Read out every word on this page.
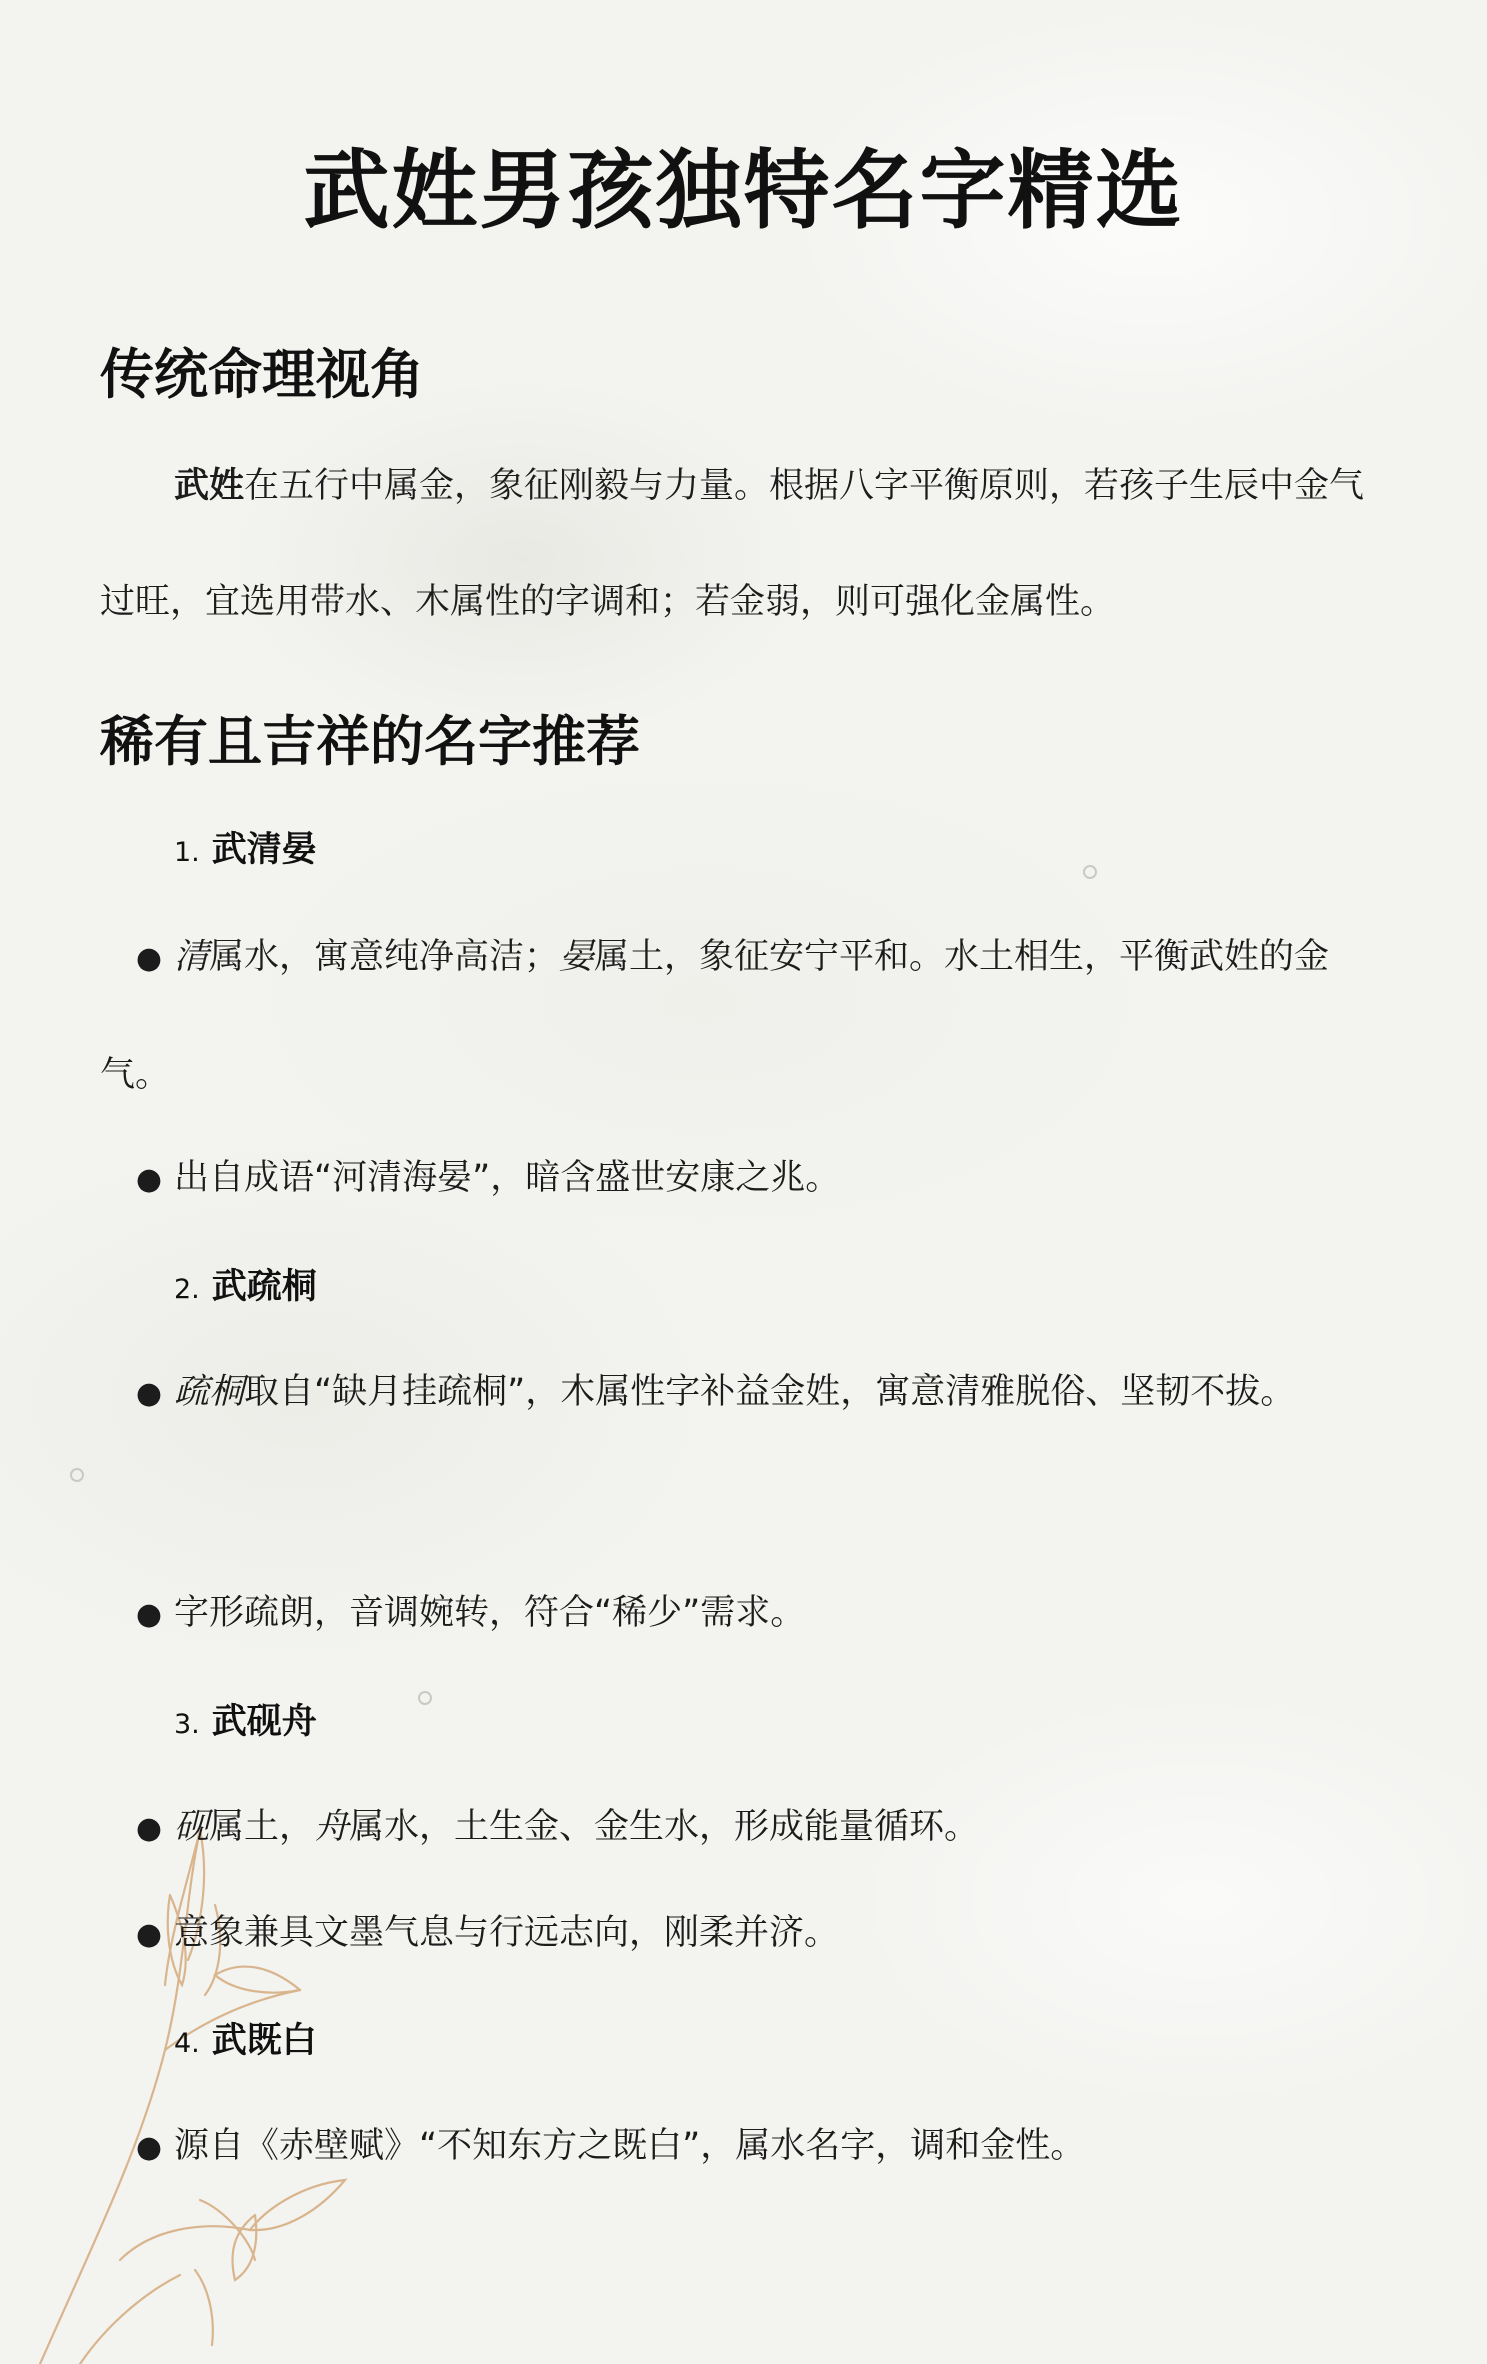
武姓男孩独特名字精选
传统命理视角

武姓在五行中属金，象征刚毅与力量。根据八字平衡原则，若孩子生辰中金气过旺，宜选用带水、木属性的字调和；若金弱，则可强化金属性。

稀有且吉祥的名字推荐
1. 武清晏
● 清属水，寓意纯净高洁；晏属土，象征安宁平和。水土相生，平衡武姓的金气。
● 出自成语“河清海晏”，暗含盛世安康之兆。
2. 武疏桐
● 疏桐取自“缺月挂疏桐”，木属性字补益金姓，寓意清雅脱俗、坚韧不拔。
● 字形疏朗，音调婉转，符合“稀少”需求。
3. 武砚舟
● 砚属土，舟属水，土生金、金生水，形成能量循环。
● 意象兼具文墨气息与行远志向，刚柔并济。
4. 武既白
● 源自《赤壁赋》“不知东方之既白”，属水名字，调和金性。
